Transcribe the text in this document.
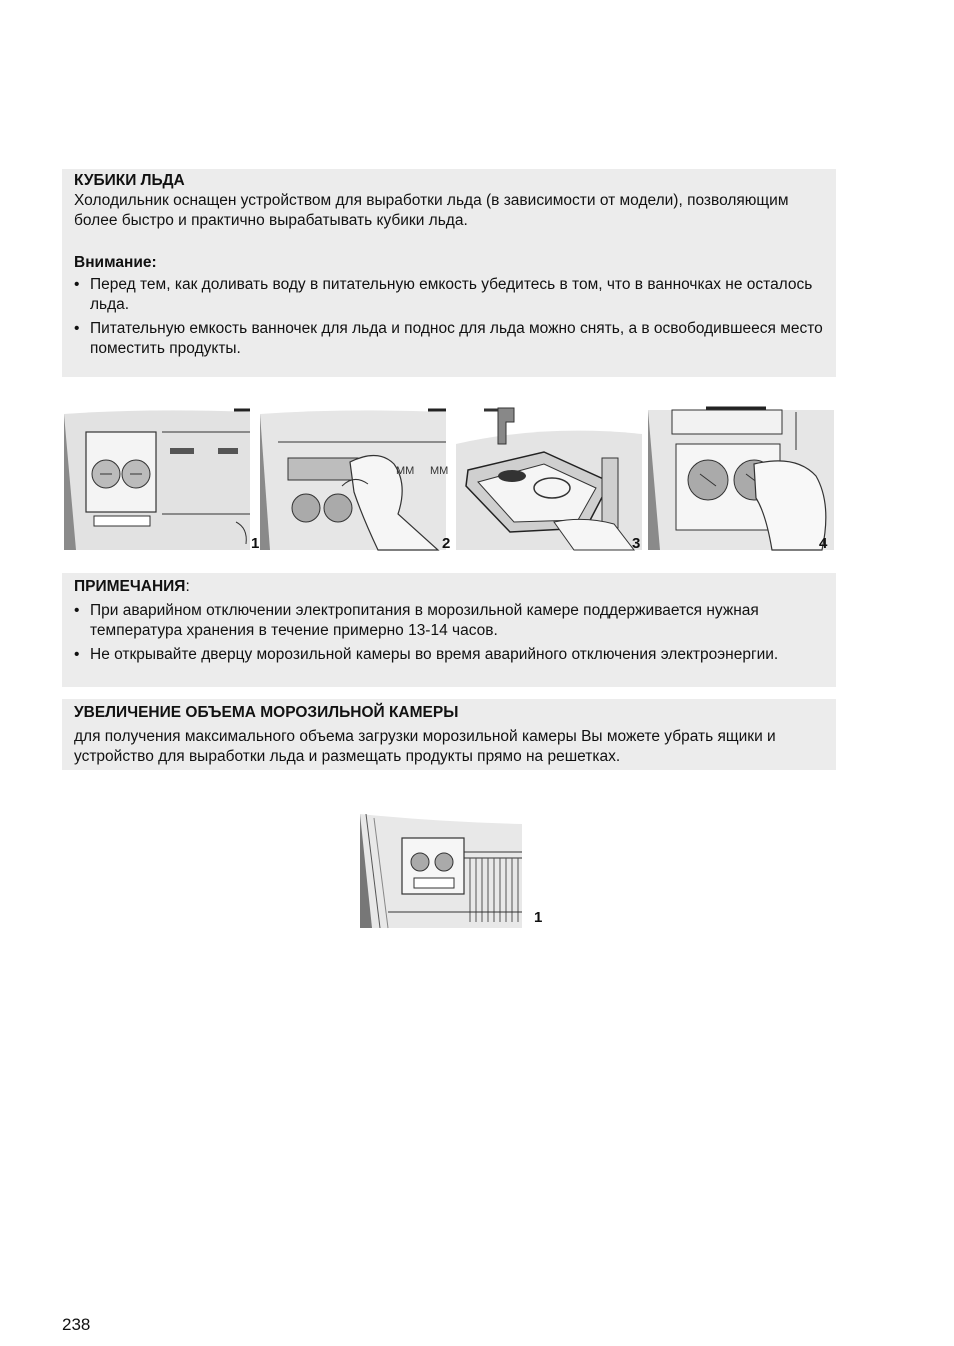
КУБИКИ ЛЬДА

Холодильник оснащен устройством для выработки льда (в зависимости от модели), позволяющим более быстро и практично вырабатывать кубики льда.

Внимание:

• Перед тем, как доливать воду в питательную емкость убедитесь в том, что в ванночках не осталось льда.
• Питательную емкость ванночек для льда и поднос для льда можно снять, а в освободившееся место поместить продукты.
MM MM
1	2	3	4

ПРИМЕЧАНИЯ:

• При аварийном отключении электропитания в морозильной камере поддерживается нужная температура хранения в течение примерно 13-14 часов.
• Не открывайте дверцу морозильной камеры во время аварийного отключения электроэнергии.

УВЕЛИЧЕНИЕ ОБЪЕМА МОРОЗИЛЬНОЙ КАМЕРЫ

для получения максимального объема загрузки морозильной камеры Вы можете убрать ящики и устройство для выработки льда и размещать продукты прямо на решетках.

1
238
